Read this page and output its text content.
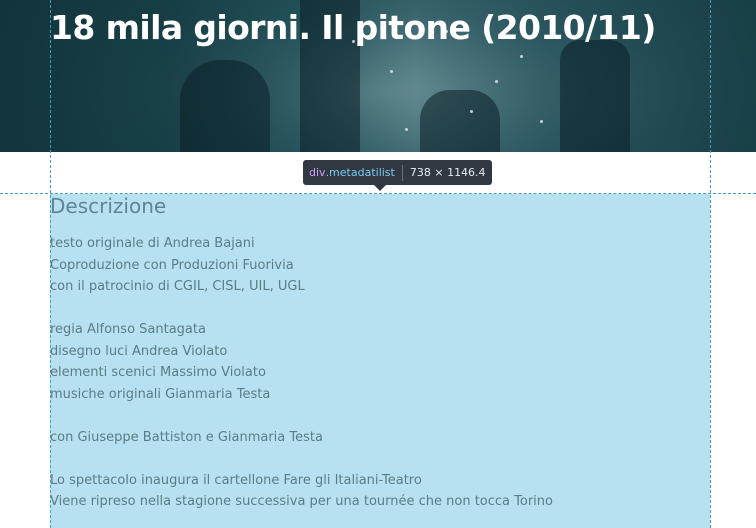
18 mila giorni. Il pitone (2010/11)
Descrizione
testo originale di Andrea Bajani
Coproduzione con Produzioni Fuorivia
con il patrocinio di CGIL, CISL, UIL, UGL
regia Alfonso Santagata
disegno luci Andrea Violato
elementi scenici Massimo Violato
musiche originali Gianmaria Testa
con Giuseppe Battiston e Gianmaria Testa
Lo spettacolo inaugura il cartellone Fare gli Italiani-Teatro
Viene ripreso nella stagione successiva per una tournée che non tocca Torino
div .metadatilist 738 × 1146.4
